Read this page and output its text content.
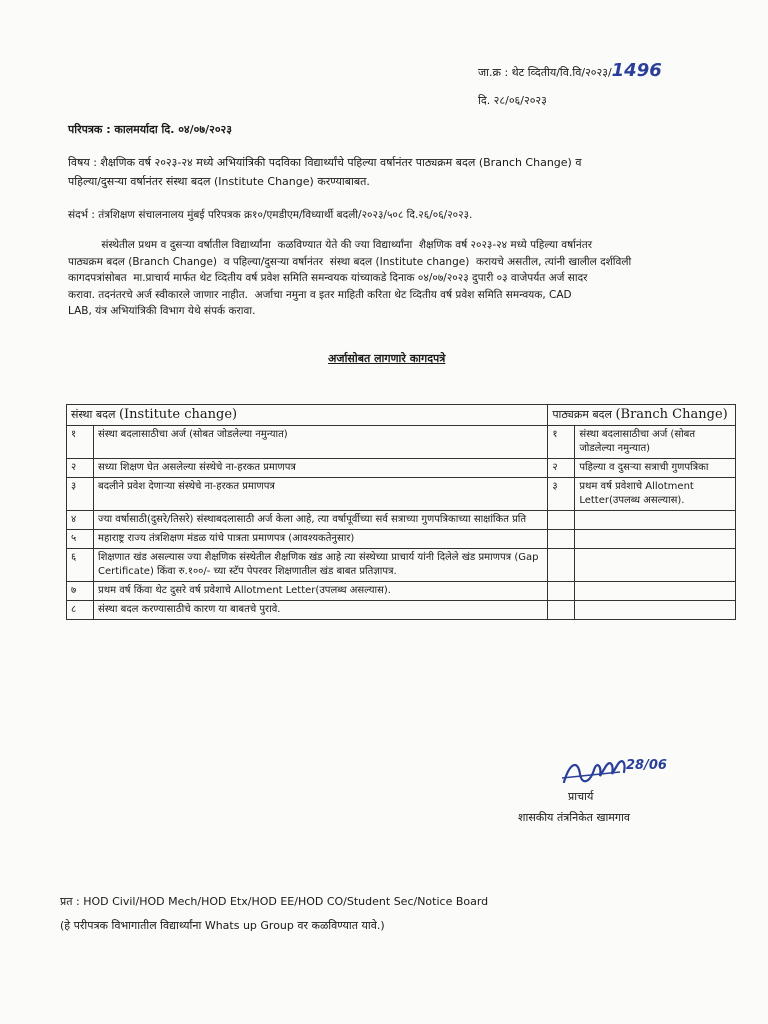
जा.क्र : थेट व्दितीय/वि.वि/२०२३/1496
दि. २८/०६/२०२३
परिपत्रक : कालमर्यादा दि. ०४/०७/२०२३
विषय : शैक्षणिक वर्ष २०२३-२४ मध्ये अभियांत्रिकी पदविका विद्यार्थ्यांचे पहिल्या वर्षानंतर पाठ्यक्रम बदल (Branch Change) व
पहिल्या/दुसऱ्या वर्षानंतर संस्था बदल (Institute Change) करण्याबाबत.
संदर्भ : तंत्रशिक्षण संचालनालय मुंबई परिपत्रक क्र१०/एमडीएम/विध्यार्थी बदली/२०२३/५०८ दि.२६/०६/२०२३.

संस्थेतील प्रथम व दुसऱ्या वर्षातील विद्यार्थ्यांना  कळविण्यात येते की ज्या विद्यार्थ्यांना  शैक्षणिक वर्ष २०२३-२४ मध्ये पहिल्या वर्षानंतर

पाठ्यक्रम बदल (Branch Change)  व पहिल्या/दुसऱ्या वर्षानंतर  संस्था बदल (Institute change)  करायचे असतील, त्यांनी खालील दर्शविली

कागदपत्रांसोबत  मा.प्राचार्य मार्फत थेट व्दितीय वर्ष प्रवेश समिति समन्वयक यांच्याकडे दिनाक ०४/०७/२०२३ दुपारी ०३ वाजेपर्यत अर्ज सादर

करावा. तदनंतरचे अर्ज स्वीकारले जाणार नाहीत.  अर्जाचा नमुना व इतर माहिती करिता थेट व्दितीय वर्ष प्रवेश समिति समन्वयक, CAD

LAB, यंत्र अभियांत्रिकी विभाग येथे संपर्क करावा.

अर्जासोबत लागणारे कागदपत्रे
संस्था बदल (Institute change)		पाठ्यक्रम बदल (Branch Change)	
१	संस्था बदलासाठीचा अर्ज (सोबत जोडलेल्या नमुन्यात)	१	संस्था बदलासाठीचा अर्ज (सोबत जोडलेल्या नमुन्यात)
२	सध्या शिक्षण घेत असलेल्या संस्थेचे ना-हरकत प्रमाणपत्र	२	पहिल्या व दुसऱ्या सत्राची गुणपत्रिका
३	बदलीने प्रवेश देणाऱ्या संस्थेचे ना-हरकत प्रमाणपत्र	३	प्रथम वर्ष प्रवेशाचे Allotment Letter(उपलब्ध असल्यास).
४	ज्या वर्षासाठी(दुसरे/तिसरे) संस्थाबदलासाठी अर्ज केला आहे, त्या वर्षापूर्वीच्या सर्व सत्राच्या गुणपत्रिकाच्या साक्षांकित प्रति		
५	महाराष्ट्र राज्य तंत्रशिक्षण मंडळ यांचे पात्रता प्रमाणपत्र (आवश्यकतेनुसार)		
६	शिक्षणात खंड असल्यास ज्या शैक्षणिक संस्थेतील शैक्षणिक खंड आहे त्या संस्थेच्या प्राचार्य यांनी दिलेले खंड प्रमाणपत्र (Gap Certificate) किंवा रु.१००/- च्या स्टॅप पेपरवर शिक्षणातील खंड बाबत प्रतिज्ञापत्र.		
७	प्रथम वर्ष किंवा थेट दुसरे वर्ष प्रवेशाचे Allotment Letter(उपलब्ध असल्यास).		
८	संस्था बदल करण्यासाठीचे कारण या बाबतचे पुरावे.		
28/06
प्राचार्य
शासकीय तंत्रनिकेत खामगाव
प्रत : HOD Civil/HOD Mech/HOD Etx/HOD EE/HOD CO/Student Sec/Notice Board
(हे परीपत्रक विभागातील विद्यार्थ्यांना Whats up Group वर कळविण्यात यावे.)
